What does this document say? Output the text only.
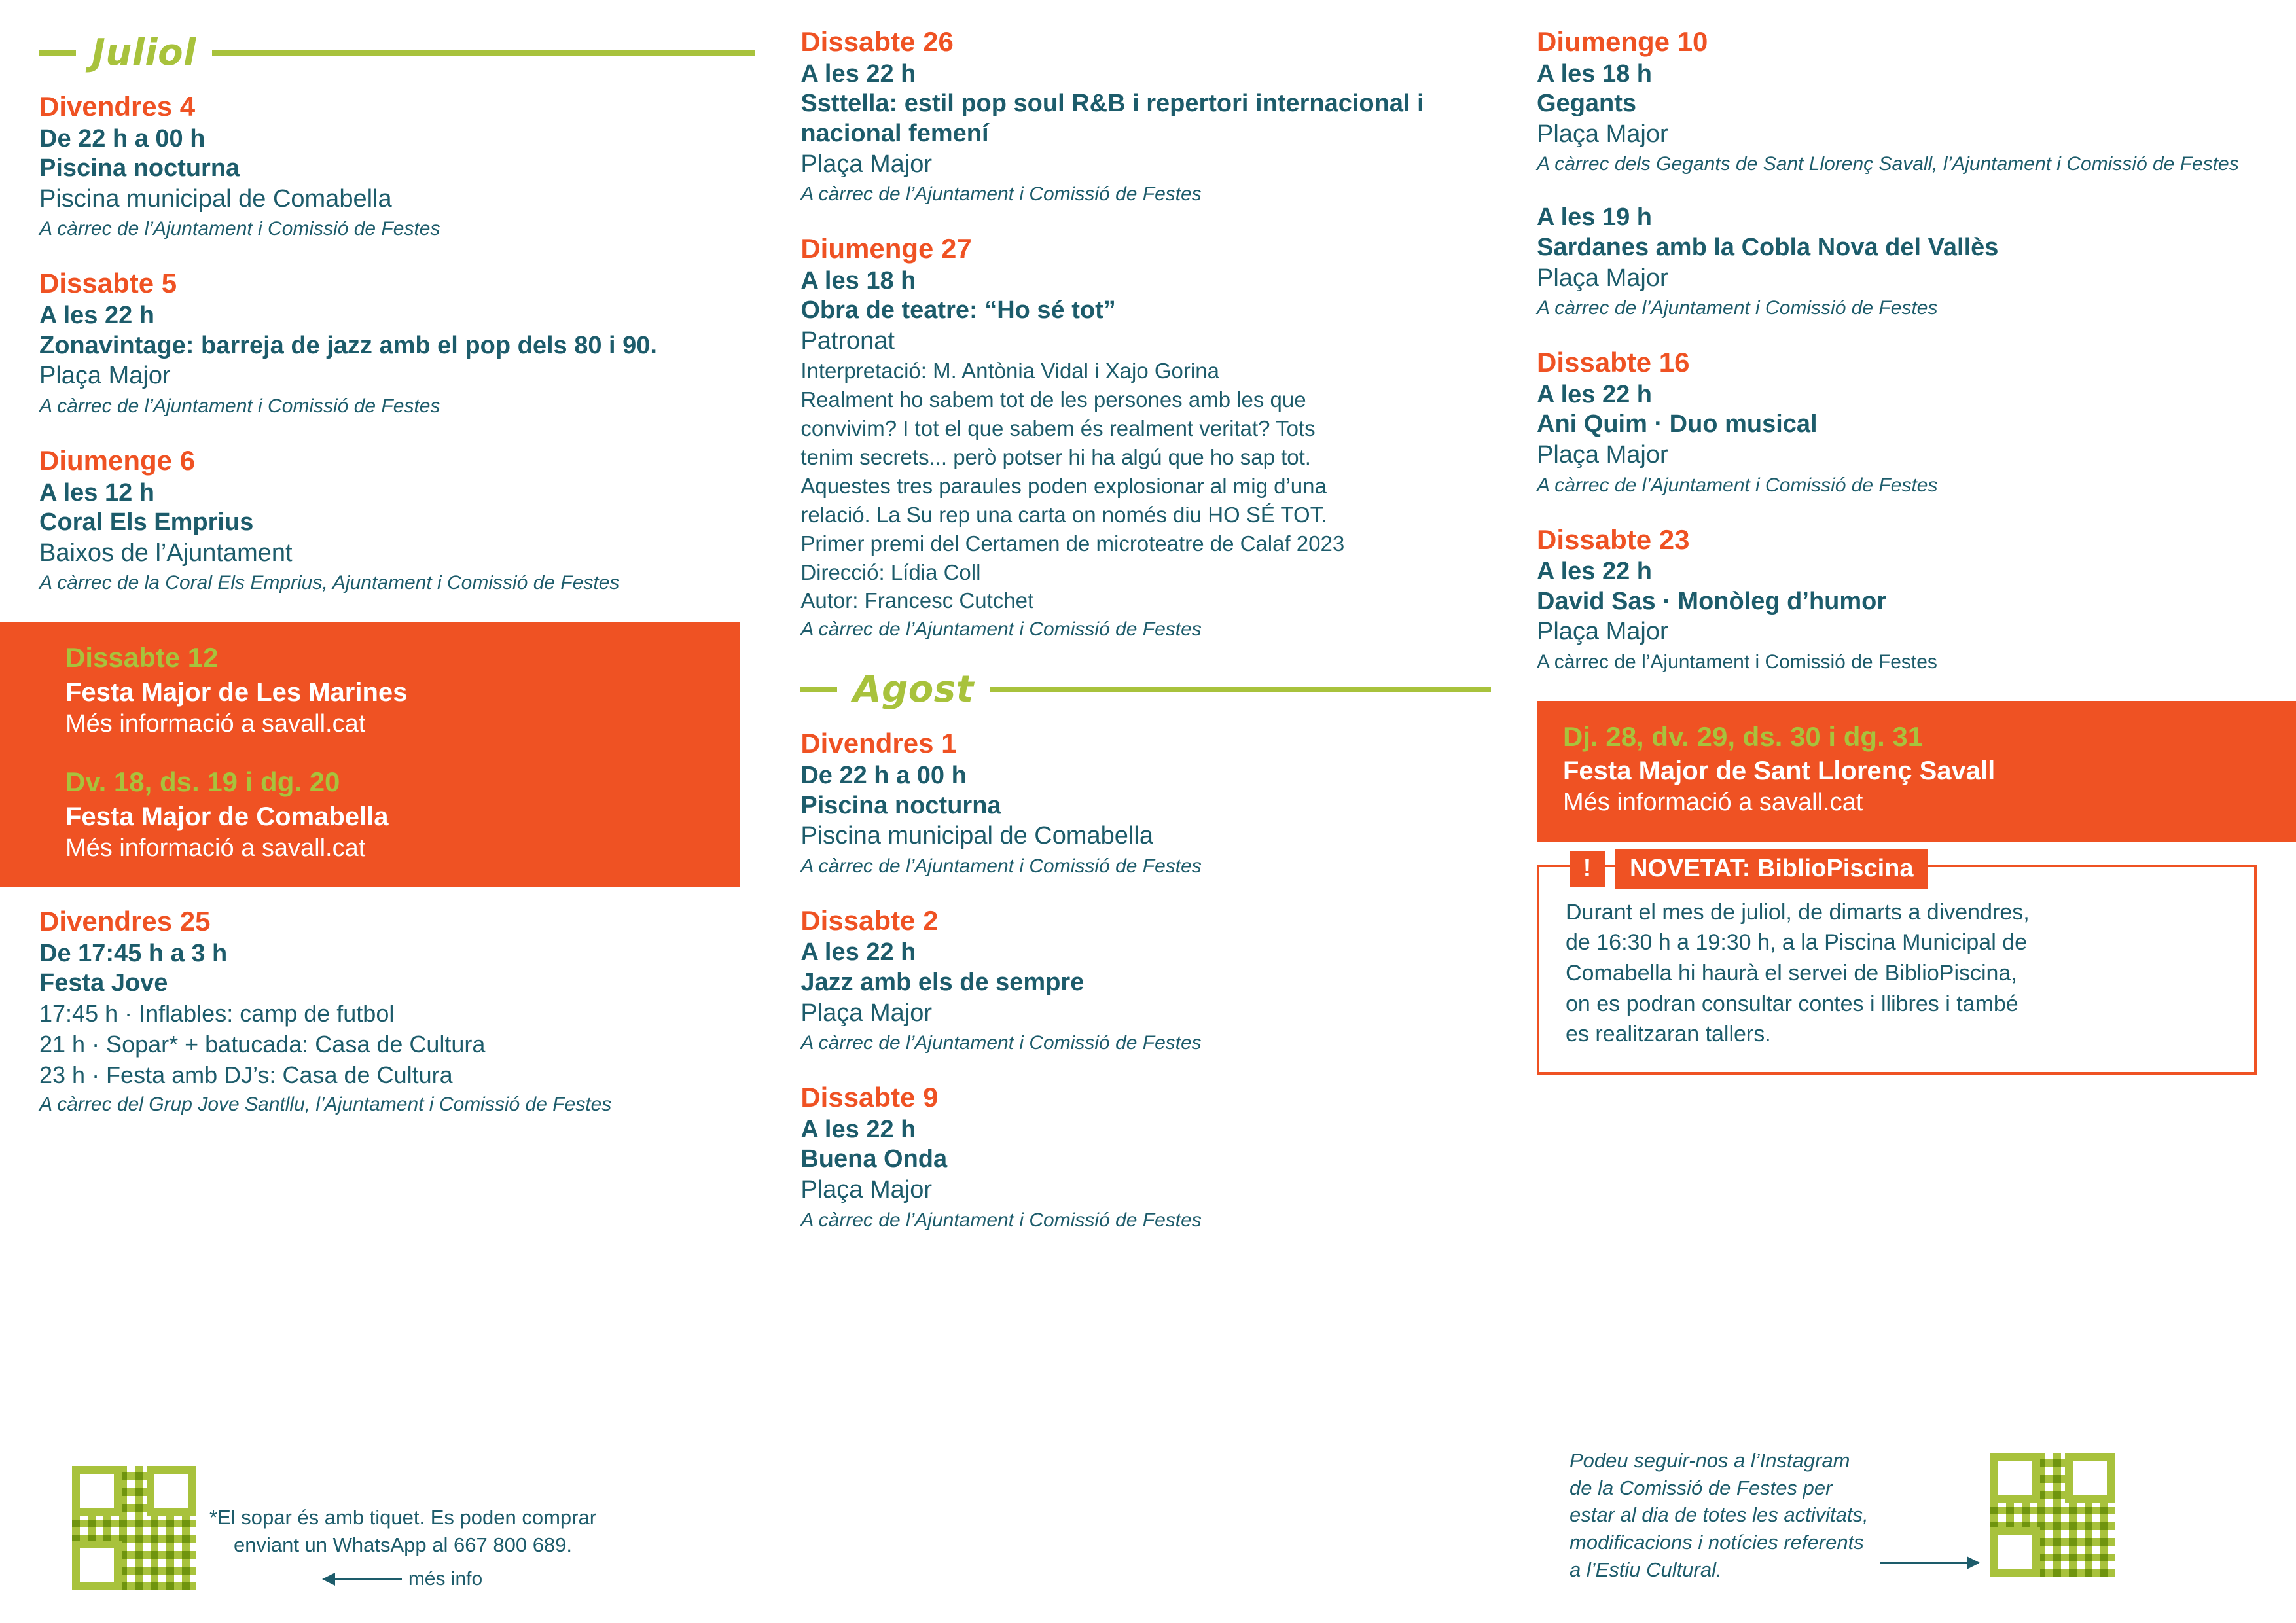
Juliol
Divendres 4
De 22 h a 00 h
Piscina nocturna
Piscina municipal de Comabella
A càrrec de l’Ajuntament i Comissió de Festes
Dissabte 5
A les 22 h
Zonavintage: barreja de jazz amb el pop dels 80 i 90.
Plaça Major
A càrrec de l’Ajuntament i Comissió de Festes
Diumenge 6
A les 12 h
Coral Els Emprius
Baixos de l’Ajuntament
A càrrec de la Coral Els Emprius, Ajuntament i Comissió de Festes
Dissabte 12
Festa Major de Les Marines
Més informació a savall.cat
Dv. 18, ds. 19 i dg. 20
Festa Major de Comabella
Més informació a savall.cat
Divendres 25
De 17:45 h a 3 h
Festa Jove
17:45 h · Inflables: camp de futbol
21 h · Sopar* + batucada: Casa de Cultura
23 h · Festa amb DJ’s: Casa de Cultura
A càrrec del Grup Jove Santllu, l’Ajuntament i Comissió de Festes
*El sopar és amb tiquet. Es poden comprar
enviant un WhatsApp al 667 800 689.
més info
Dissabte 26
A les 22 h
Ssttella: estil pop soul R&B i repertori internacional i nacional femení
Plaça Major
A càrrec de l’Ajuntament i Comissió de Festes
Diumenge 27
A les 18 h
Obra de teatre: “Ho sé tot”
Patronat
Interpretació: M. Antònia Vidal i Xajo Gorina
Realment ho sabem tot de les persones amb les que
convivim? I tot el que sabem és realment veritat? Tots
tenim secrets... però potser hi ha algú que ho sap tot.
Aquestes tres paraules poden explosionar al mig d’una
relació. La Su rep una carta on només diu HO SÉ TOT.
Primer premi del Certamen de microteatre de Calaf 2023
Direcció: Lídia Coll
Autor: Francesc Cutchet
A càrrec de l’Ajuntament i Comissió de Festes
Agost
Divendres 1
De 22 h a 00 h
Piscina nocturna
Piscina municipal de Comabella
A càrrec de l’Ajuntament i Comissió de Festes
Dissabte 2
A les 22 h
Jazz amb els de sempre
Plaça Major
A càrrec de l’Ajuntament i Comissió de Festes
Dissabte 9
A les 22 h
Buena Onda
Plaça Major
A càrrec de l’Ajuntament i Comissió de Festes
Diumenge 10
A les 18 h
Gegants
Plaça Major
A càrrec dels Gegants de Sant Llorenç Savall, l’Ajuntament i Comissió de Festes
A les 19 h
Sardanes amb la Cobla Nova del Vallès
Plaça Major
A càrrec de l’Ajuntament i Comissió de Festes
Dissabte 16
A les 22 h
Ani Quim · Duo musical
Plaça Major
A càrrec de l’Ajuntament i Comissió de Festes
Dissabte 23
A les 22 h
David Sas · Monòleg d’humor
Plaça Major
A càrrec de l’Ajuntament i Comissió de Festes
Dj. 28, dv. 29, ds. 30 i dg. 31
Festa Major de Sant Llorenç Savall
Més informació a savall.cat
!	NOVETAT: BiblioPiscina
Durant el mes de juliol, de dimarts a divendres,
de 16:30 h a 19:30 h, a la Piscina Municipal de
Comabella hi haurà el servei de BiblioPiscina,
on es podran consultar contes i llibres i també
es realitzaran tallers.
Podeu seguir-nos a l’Instagram
de la Comissió de Festes per
estar al dia de totes les activitats,
modificacions i notícies referents
a l’Estiu Cultural.
